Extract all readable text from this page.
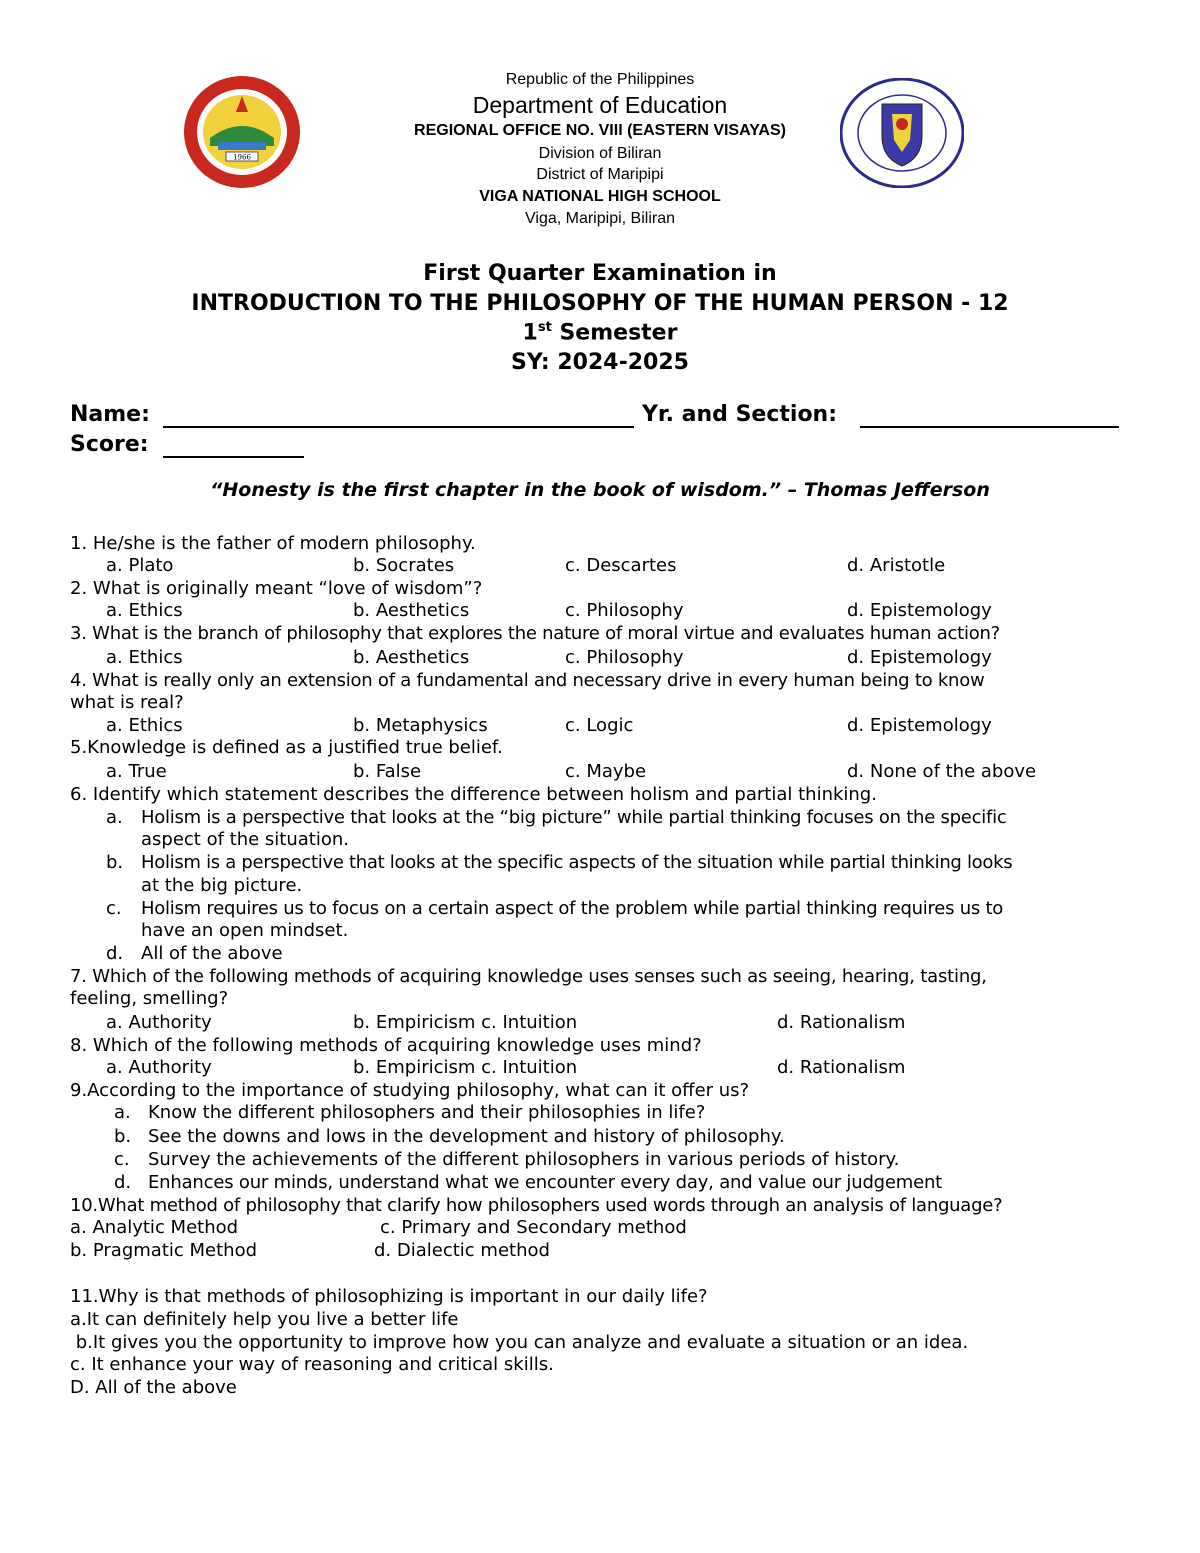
1966
Republic of the Philippines
Department of Education
REGIONAL OFFICE NO. VIII (EASTERN VISAYAS)
Division of Biliran
District of Maripipi
VIGA NATIONAL HIGH SCHOOL
Viga, Maripipi, Biliran
First Quarter Examination in
INTRODUCTION TO THE PHILOSOPHY OF THE HUMAN PERSON - 12
1st Semester
SY: 2024-2025
Name:	Yr. and Section:
Score:
“Honesty is the first chapter in the book of wisdom.” – Thomas Jefferson
1. He/she is the father of modern philosophy.
a. Plato	b. Socrates	c. Descartes	d. Aristotle
2. What is originally meant “love of wisdom”?
a. Ethics	b. Aesthetics	c. Philosophy	d. Epistemology
3. What is the branch of philosophy that explores the nature of moral virtue and evaluates human action?
a. Ethics	b. Aesthetics	c. Philosophy	d. Epistemology
4. What is really only an extension of a fundamental and necessary drive in every human being to know
what is real?
a. Ethics	b. Metaphysics	c. Logic	d. Epistemology
5.Knowledge is defined as a justified true belief.
a. True	b. False	c. Maybe	d. None of the above
6. Identify which statement describes the difference between holism and partial thinking.
a. Holism is a perspective that looks at the “big picture” while partial thinking focuses on the specific
aspect of the situation.
b. Holism is a perspective that looks at the specific aspects of the situation while partial thinking looks
at the big picture.
c. Holism requires us to focus on a certain aspect of the problem while partial thinking requires us to
have an open mindset.
d. All of the above
7. Which of the following methods of acquiring knowledge uses senses such as seeing, hearing, tasting,
feeling, smelling?
a. Authority	b. Empiricism c. Intuition	d. Rationalism
8. Which of the following methods of acquiring knowledge uses mind?
a. Authority	b. Empiricism c. Intuition	d. Rationalism
9.According to the importance of studying philosophy, what can it offer us?
a. Know the different philosophers and their philosophies in life?
b. See the downs and lows in the development and history of philosophy.
c. Survey the achievements of the different philosophers in various periods of history.
d. Enhances our minds, understand what we encounter every day, and value our judgement
10.What method of philosophy that clarify how philosophers used words through an analysis of language?
a. Analytic Method	c. Primary and Secondary method
b. Pragmatic Method	d. Dialectic method
11.Why is that methods of philosophizing is important in our daily life?
a.It can definitely help you live a better life
b.It gives you the opportunity to improve how you can analyze and evaluate a situation or an idea.
c. It enhance your way of reasoning and critical skills.
D. All of the above
